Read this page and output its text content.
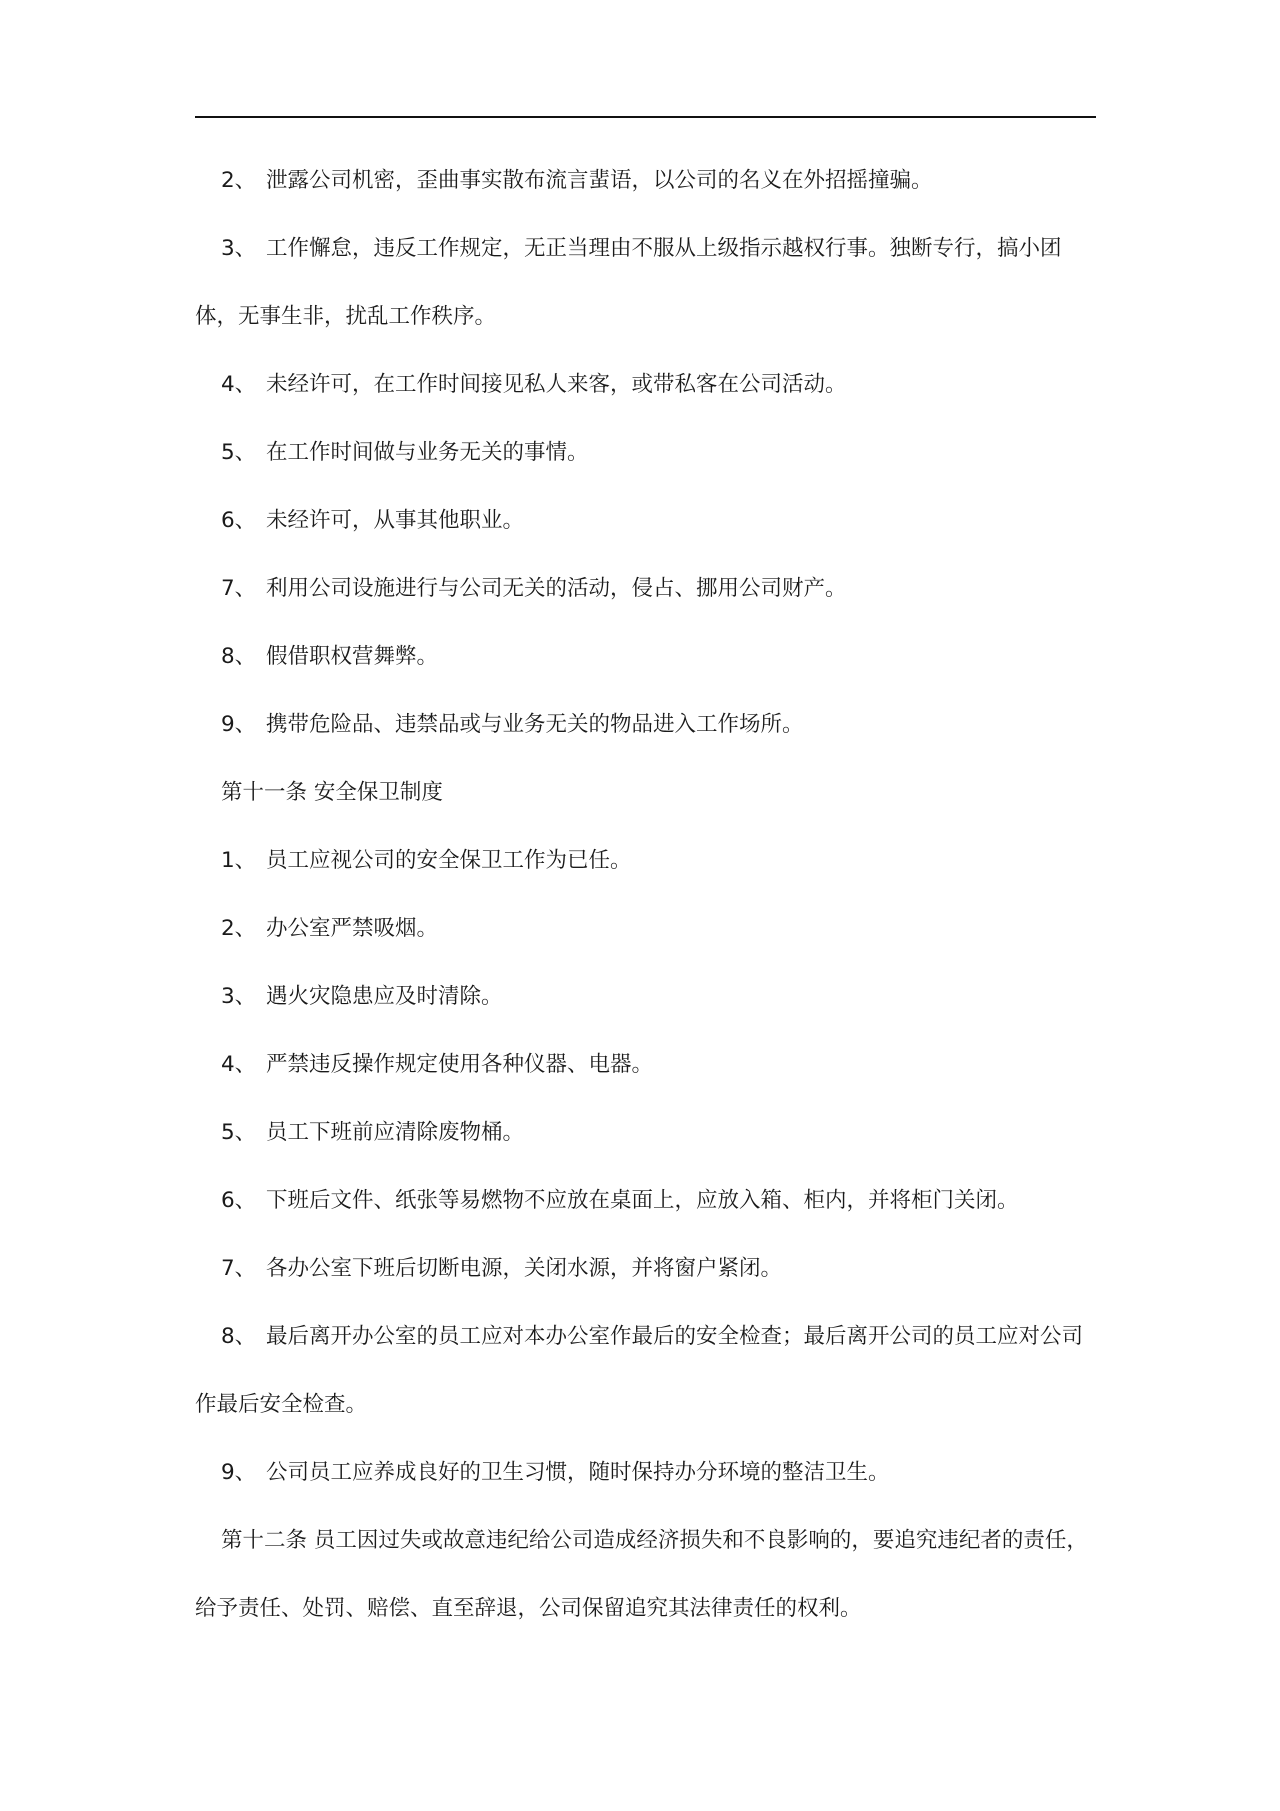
2、 泄露公司机密，歪曲事实散布流言蜚语，以公司的名义在外招摇撞骗。

3、 工作懈怠，违反工作规定，无正当理由不服从上级指示越权行事。独断专行，搞小团体，无事生非，扰乱工作秩序。

4、 未经许可，在工作时间接见私人来客，或带私客在公司活动。

5、 在工作时间做与业务无关的事情。

6、 未经许可，从事其他职业。

7、 利用公司设施进行与公司无关的活动，侵占、挪用公司财产。

8、 假借职权营舞弊。

9、 携带危险品、违禁品或与业务无关的物品进入工作场所。

第十一条 安全保卫制度

1、 员工应视公司的安全保卫工作为已任。

2、 办公室严禁吸烟。

3、 遇火灾隐患应及时清除。

4、 严禁违反操作规定使用各种仪器、电器。

5、 员工下班前应清除废物桶。

6、 下班后文件、纸张等易燃物不应放在桌面上，应放入箱、柜内，并将柜门关闭。

7、 各办公室下班后切断电源，关闭水源，并将窗户紧闭。

8、 最后离开办公室的员工应对本办公室作最后的安全检查；最后离开公司的员工应对公司作最后安全检查。

9、 公司员工应养成良好的卫生习惯，随时保持办分环境的整洁卫生。

第十二条 员工因过失或故意违纪给公司造成经济损失和不良影响的，要追究违纪者的责任，给予责任、处罚、赔偿、直至辞退，公司保留追究其法律责任的权利。
